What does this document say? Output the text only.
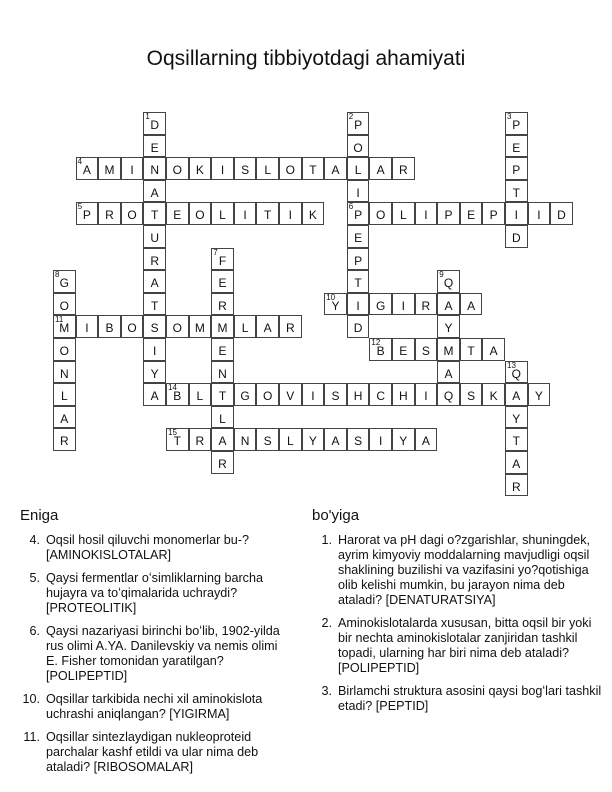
Oqsillarning tibbiyotdagi ahamiyati
1
D
E
N
A
T
U
R
A
T
S
I
Y
A
2
P
O
L
I
6
P
E
P
T
I
D
3
P
E
P
T
I
D
4
A	M	I	O	K	I	S	L	O	T	A	A	R
5
P	R	O	E	O	L	I	T	I	K	O	L	I	P	E	P	I	D
7
F
E
R
M
E
N
T
L
A
R
8
G
O
11
M
O
N
L
A
R
9
Q
A
Y
M
A
Q
10
Y	G	I	R	A
I	B	O	O	M	L	A	R
12
B	E	S	T	A
13
Q
A
Y
T
A
R
14
B	L	G	O	V	I	S	H	C	H	I	S	K	Y
15
T	R	N	S	L	Y	A	S	I	Y	A
Eniga
4. Oqsil hosil qiluvchi monomerlar bu-? [AMINOKISLOTALAR]
5. Qaysi fermentlar oʻsimliklarning barcha hujayra va toʻqimalarida uchraydi? [PROTEOLITIK]
6. Qaysi nazariyasi birinchi boʻlib, 1902-yilda rus olimi A.YA. Danilevskiy va nemis olimi E. Fisher tomonidan yaratilgan? [POLIPEPTID]
10. Oqsillar tarkibida nechi xil aminokislota uchrashi aniqlangan? [YIGIRMA]
11. Oqsillar sintezlaydigan nukleoproteid parchalar kashf etildi va ular nima deb ataladi? [RIBOSOMALAR]
bo'yiga
1. Harorat va pH dagi o?zgarishlar, shuningdek, ayrim kimyoviy moddalarning mavjudligi oqsil shaklining buzilishi va vazifasini yo?qotishiga olib kelishi mumkin, bu jarayon nima deb ataladi? [DENATURATSIYA]
2. Aminokislotalarda xususan, bitta oqsil bir yoki bir nechta aminokislotalar zanjiridan tashkil topadi, ularning har biri nima deb ataladi? [POLIPEPTID]
3. Birlamchi struktura asosini qaysi bogʻlari tashkil etadi? [PEPTID]
